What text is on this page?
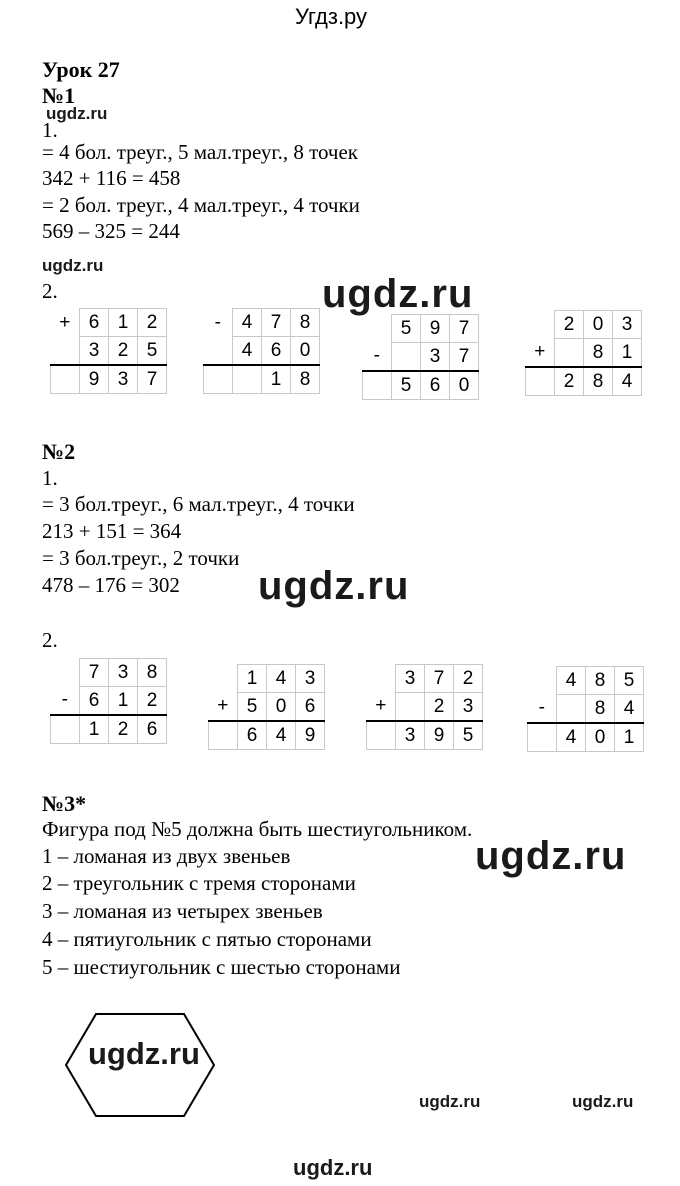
Угдз.ру
Урок 27
№1
ugdz.ru
1.
= 4 бол. треуг., 5 мал.треуг., 8 точек
342 + 116 = 458
= 2 бол. треуг., 4 мал.треуг., 4 точки
569 – 325 = 244
ugdz.ru
2.	ugdz.ru
+	6	1	2
	3	2	5
	9	3	7
-	4	7	8
	4	6	0
		1	8
	5	9	7
-		3	7
	5	6	0
	2	0	3
+		8	1
	2	8	4
№2
1.
= 3 бол.треуг., 6 мал.треуг., 4 точки
213 + 151 = 364
= 3 бол.треуг., 2 точки
478 – 176 = 302 ugdz.ru
2.
	7	3	8
-	6	1	2
	1	2	6
	1	4	3
+	5	0	6
	6	4	9
	3	7	2
+		2	3
	3	9	5
	4	8	5
-		8	4
	4	0	1
№3*
Фигура под №5 должна быть шестиугольником.
1 – ломаная из двух звеньев
2 – треугольник с тремя сторонами
3 – ломаная из четырех звеньев
4 – пятиугольник с пятью сторонами
5 – шестиугольник с шестью сторонами
ugdz.ru
ugdz.ru
ugdz.ru	ugdz.ru
ugdz.ru
